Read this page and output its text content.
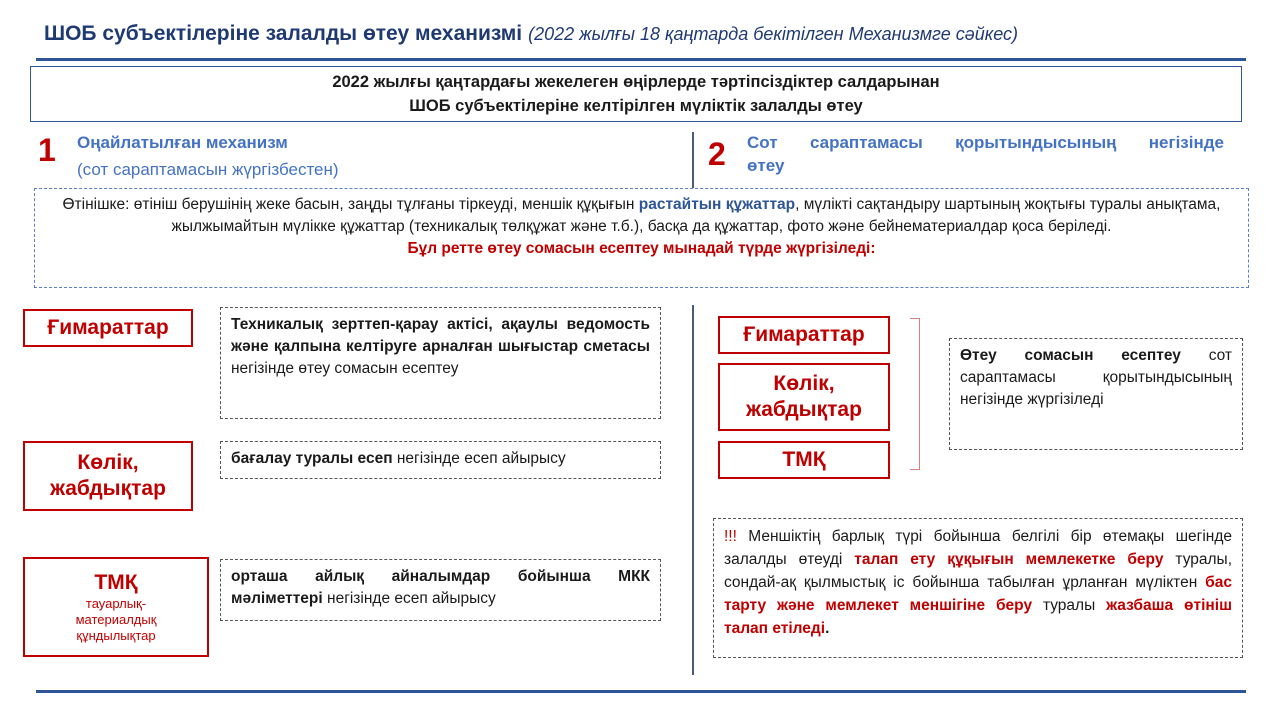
ШОБ субъектілеріне залалды өтеу механизмі (2022 жылғы 18 қаңтарда бекітілген Механизмге сәйкес)
2022 жылғы қаңтардағы жекелеген өңірлерде тәртіпсіздіктер салдарынан
ШОБ субъектілеріне келтірілген мүліктік залалды өтеу
1 Оңайлатылған механизм
(сот сараптамасын жүргізбестен)	2 Сот сараптамасы қорытындысының негізінде
өтеу
Өтінішке: өтініш берушінің жеке басын, заңды тұлғаны тіркеуді, меншік құқығын растайтын құжаттар, мүлікті сақтандыру шартының жоқтығы туралы анықтама, жылжымайтын мүлікке құжаттар (техникалық төлқұжат және т.б.), басқа да құжаттар, фото және бейнематериалдар қоса беріледі.
Бұл ретте өтеу сомасын есептеу мынадай түрде жүргізіледі:
Ғимараттар	Техникалық зерттеп-қарау актісі, ақаулы ведомость және қалпына келтіруге арналған шығыстар сметасы негізінде өтеу сомасын есептеу
Көлік,
жабдықтар
бағалау туралы есеп негізінде есеп айырысу
ТМҚ
тауарлық-
материалдық
құндылықтар
орташа айлық айналымдар бойынша МКК мәліметтері негізінде есеп айырысу
Ғимараттар
Көлік,
жабдықтар
ТМҚ
Өтеу сомасын есептеу сот сараптамасы қорытындысының негізінде жүргізіледі
!!! Меншіктің барлық түрі бойынша белгілі бір өтемақы шегінде залалды өтеуді талап ету құқығын мемлекетке беру туралы, сондай-ақ қылмыстық іс бойынша табылған ұрланған мүліктен бас тарту және мемлекет меншігіне беру туралы жазбаша өтініш талап етіледі.
